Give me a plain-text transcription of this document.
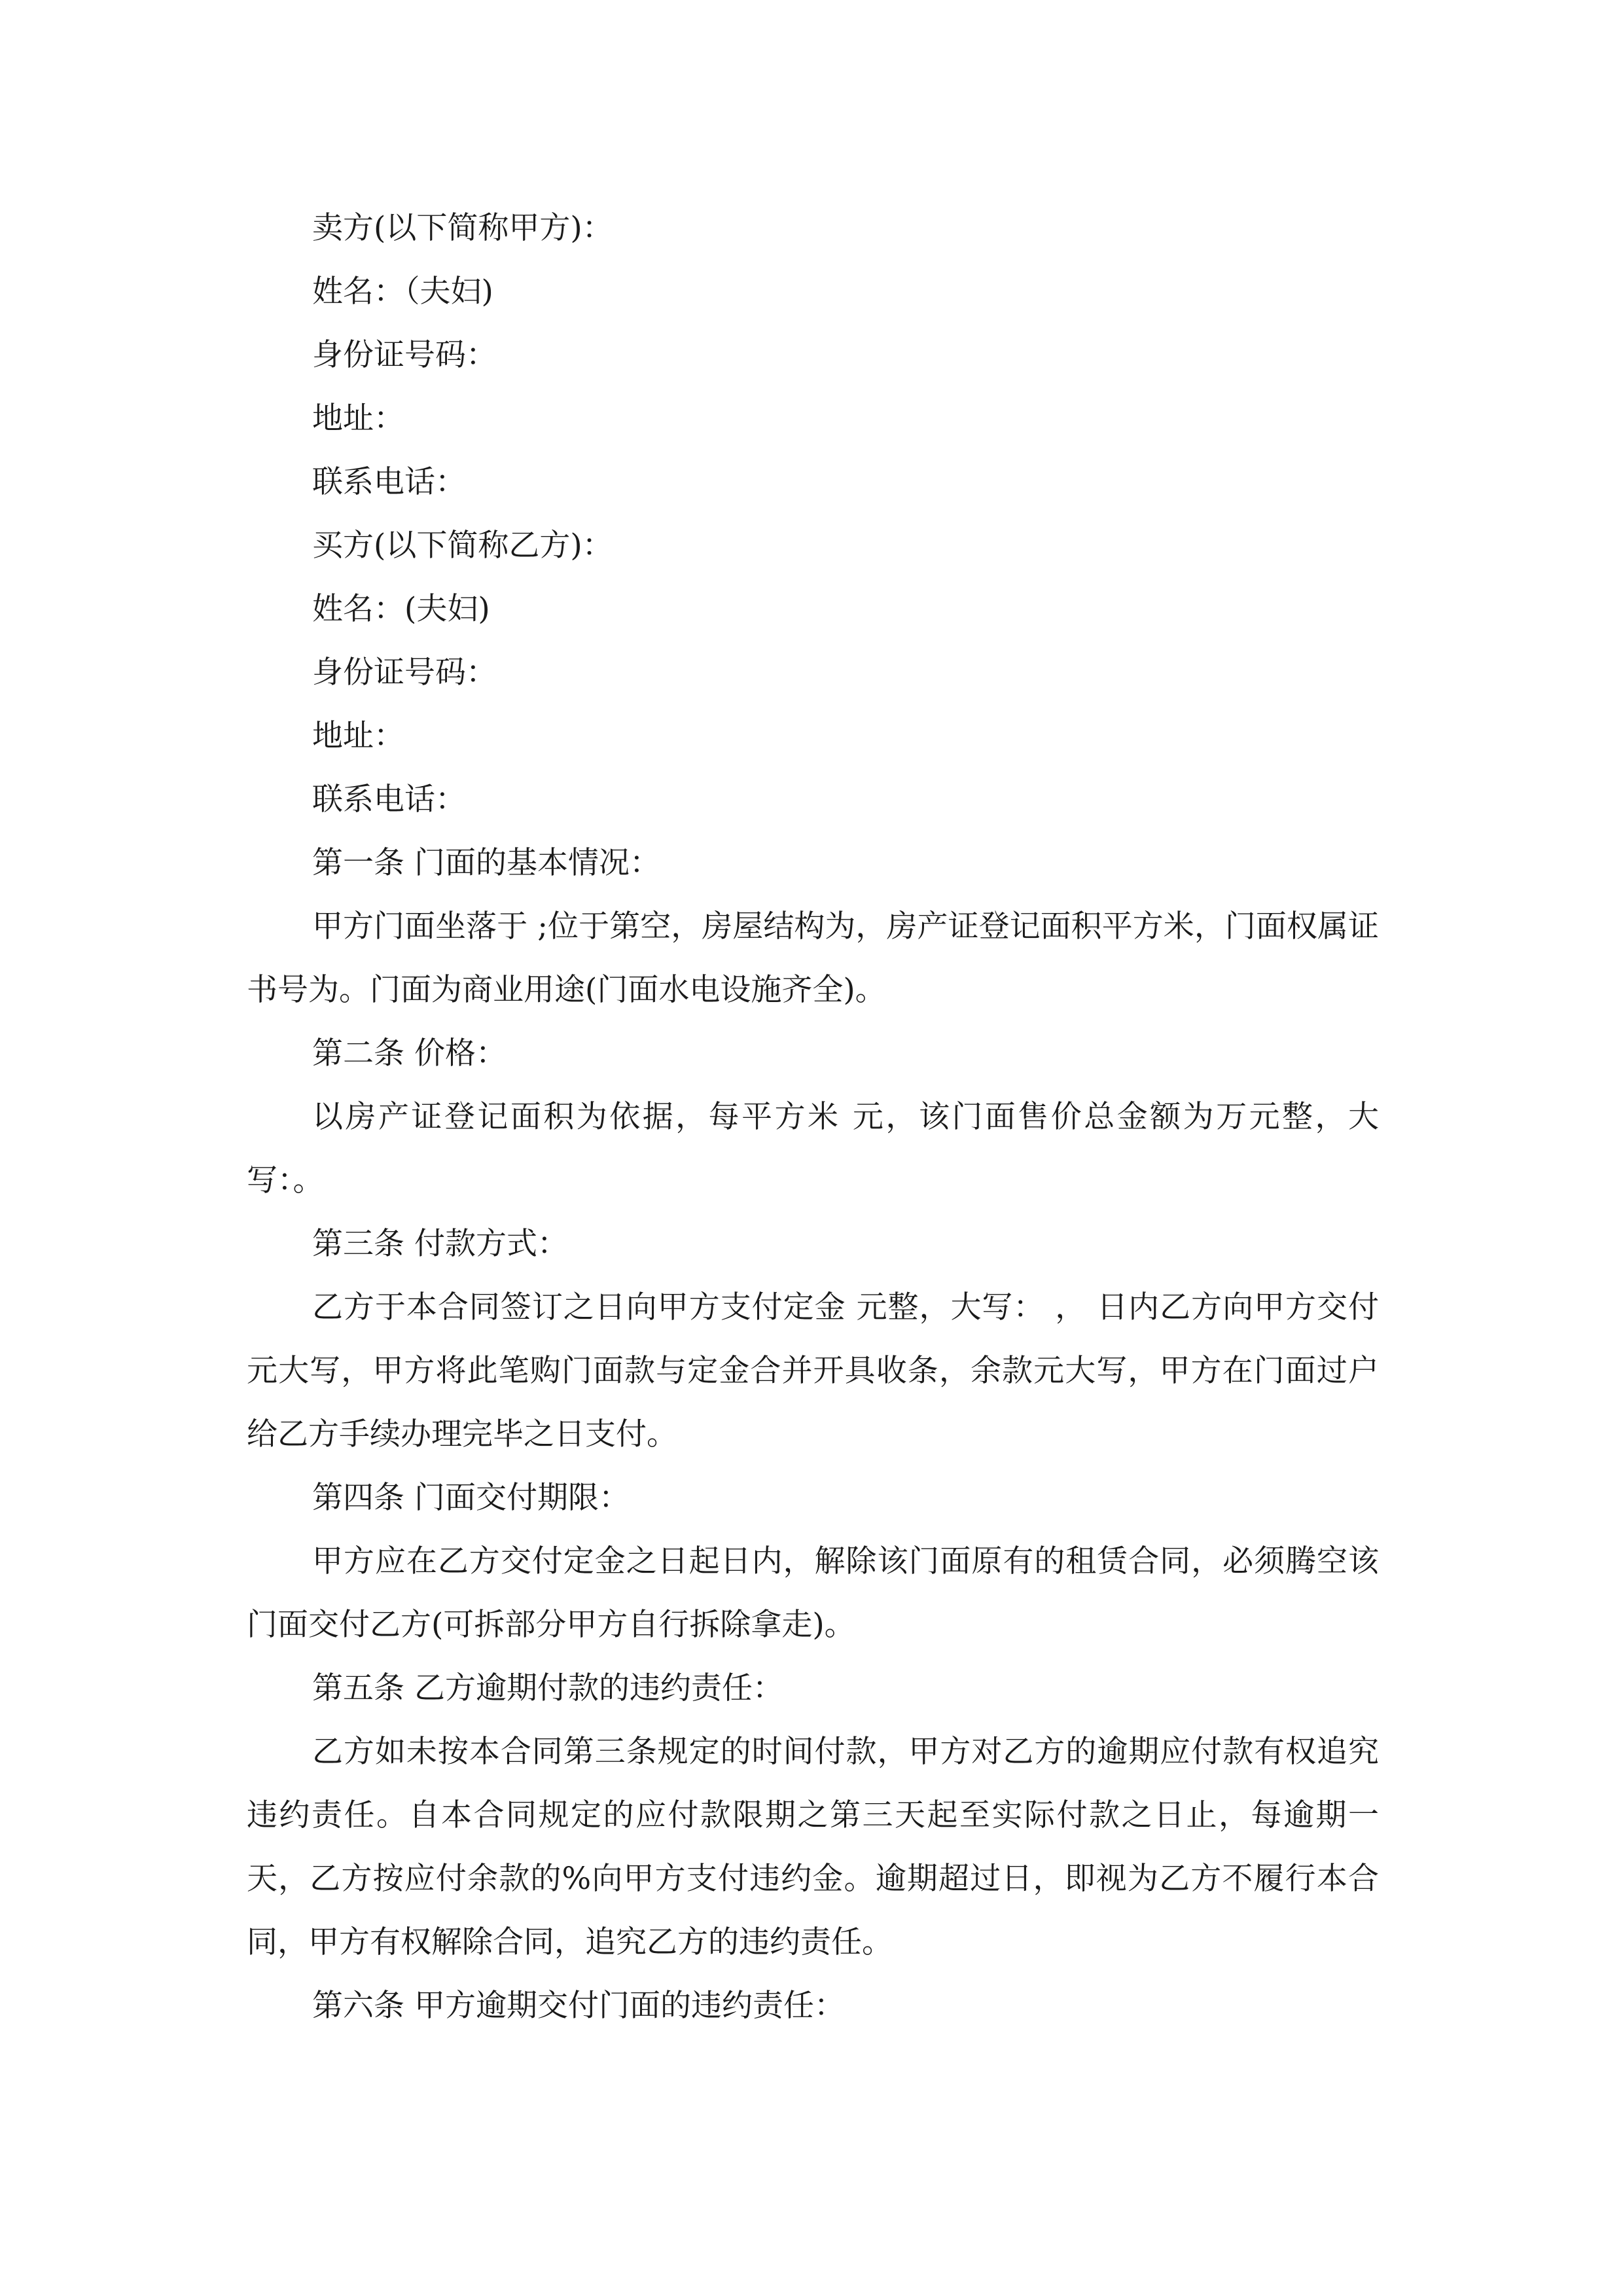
卖方(以下简称甲方)：

姓名：（夫妇)

身份证号码：

地址：

联系电话：

买方(以下简称乙方)：

姓名：(夫妇)

身份证号码：

地址：

联系电话：

第一条 门面的基本情况：

甲方门面坐落于 ;位于第空，房屋结构为，房产证登记面积平方米，门面权属证书号为。门面为商业用途(门面水电设施齐全)。

第二条 价格：

以房产证登记面积为依据，每平方米 元，该门面售价总金额为万元整，大写：。

第三条 付款方式：

乙方于本合同签订之日向甲方支付定金 元整，大写： ， 日内乙方向甲方交付 元大写，甲方将此笔购门面款与定金合并开具收条，余款元大写，甲方在门面过户给乙方手续办理完毕之日支付。

第四条 门面交付期限：

甲方应在乙方交付定金之日起日内，解除该门面原有的租赁合同，必须腾空该门面交付乙方(可拆部分甲方自行拆除拿走)。

第五条 乙方逾期付款的违约责任：

乙方如未按本合同第三条规定的时间付款，甲方对乙方的逾期应付款有权追究违约责任。自本合同规定的应付款限期之第三天起至实际付款之日止，每逾期一天，乙方按应付余款的%向甲方支付违约金。逾期超过日，即视为乙方不履行本合同，甲方有权解除合同，追究乙方的违约责任。

第六条 甲方逾期交付门面的违约责任：
